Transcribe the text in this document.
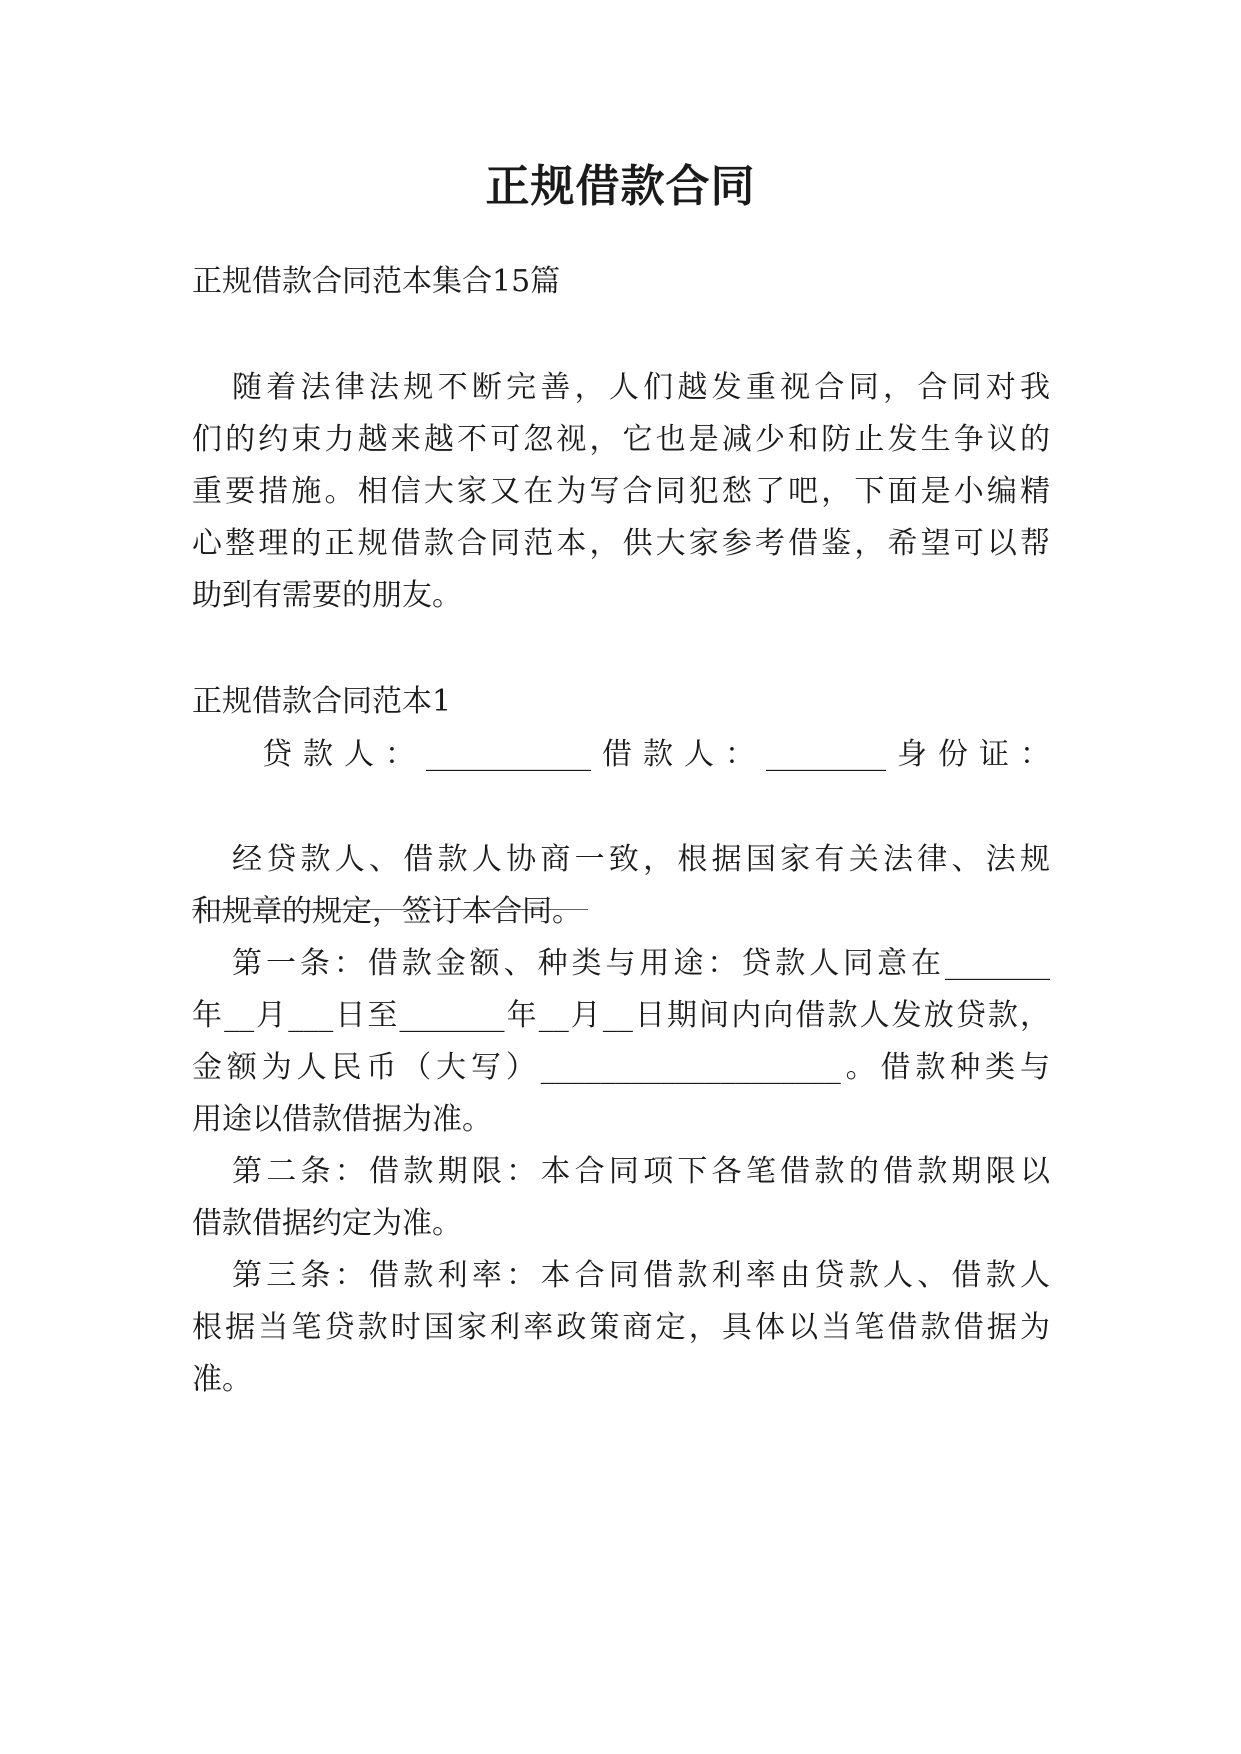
正规借款合同
正规借款合同范本集合15篇
随着法律法规不断完善，人们越发重视合同，合同对我
们的约束力越来越不可忽视，它也是减少和防止发生争议的
重要措施。相信大家又在为写合同犯愁了吧，下面是小编精
心整理的正规借款合同范本，供大家参考借鉴，希望可以帮
助到有需要的朋友。
正规借款合同范本1
贷款人：___________借款人：________身份证：
经贷款人、借款人协商一致，根据国家有关法律、法规
和规章的规定，签订本合同。
第一条：借款金额、种类与用途：贷款人同意在_______
年__月___日至_______年__月__日期间内向借款人发放贷款，
金额为人民币（大写）____________________。借款种类与
用途以借款借据为准。
第二条：借款期限：本合同项下各笔借款的借款期限以
借款借据约定为准。
第三条：借款利率：本合同借款利率由贷款人、借款人
根据当笔贷款时国家利率政策商定，具体以当笔借款借据为
准。
